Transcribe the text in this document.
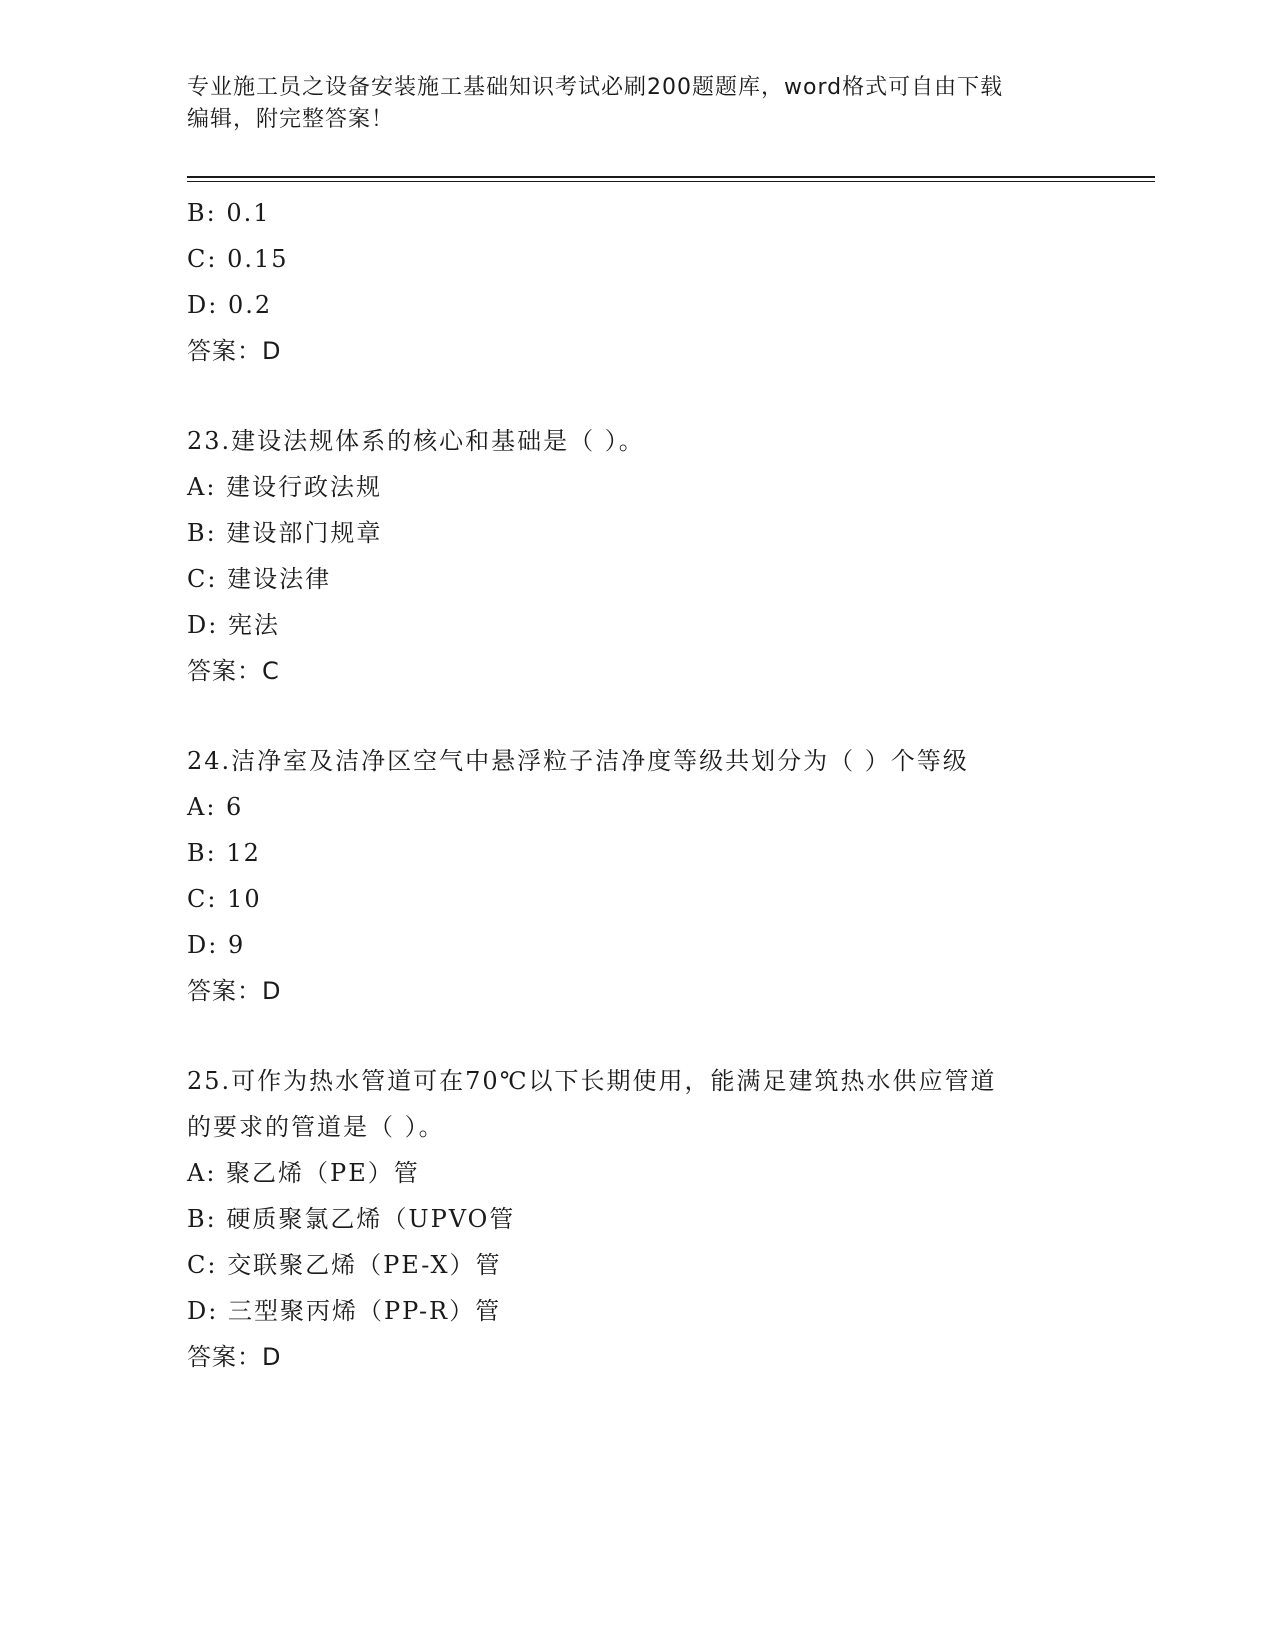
专业施工员之设备安装施工基础知识考试必刷200题题库，word格式可自由下载
编辑，附完整答案！
B: 0.1
C: 0.15
D: 0.2
答案：D
23.建设法规体系的核心和基础是（ ）。
A: 建设行政法规
B: 建设部门规章
C: 建设法律
D: 宪法
答案：C
24.洁净室及洁净区空气中悬浮粒子洁净度等级共划分为（ ）个等级
A: 6
B: 12
C: 10
D: 9
答案：D
25.可作为热水管道可在70℃以下长期使用，能满足建筑热水供应管道
的要求的管道是（ ）。
A: 聚乙烯（PE）管
B: 硬质聚氯乙烯（UPVO管
C: 交联聚乙烯（PE-X）管
D: 三型聚丙烯（PP-R）管
答案：D
